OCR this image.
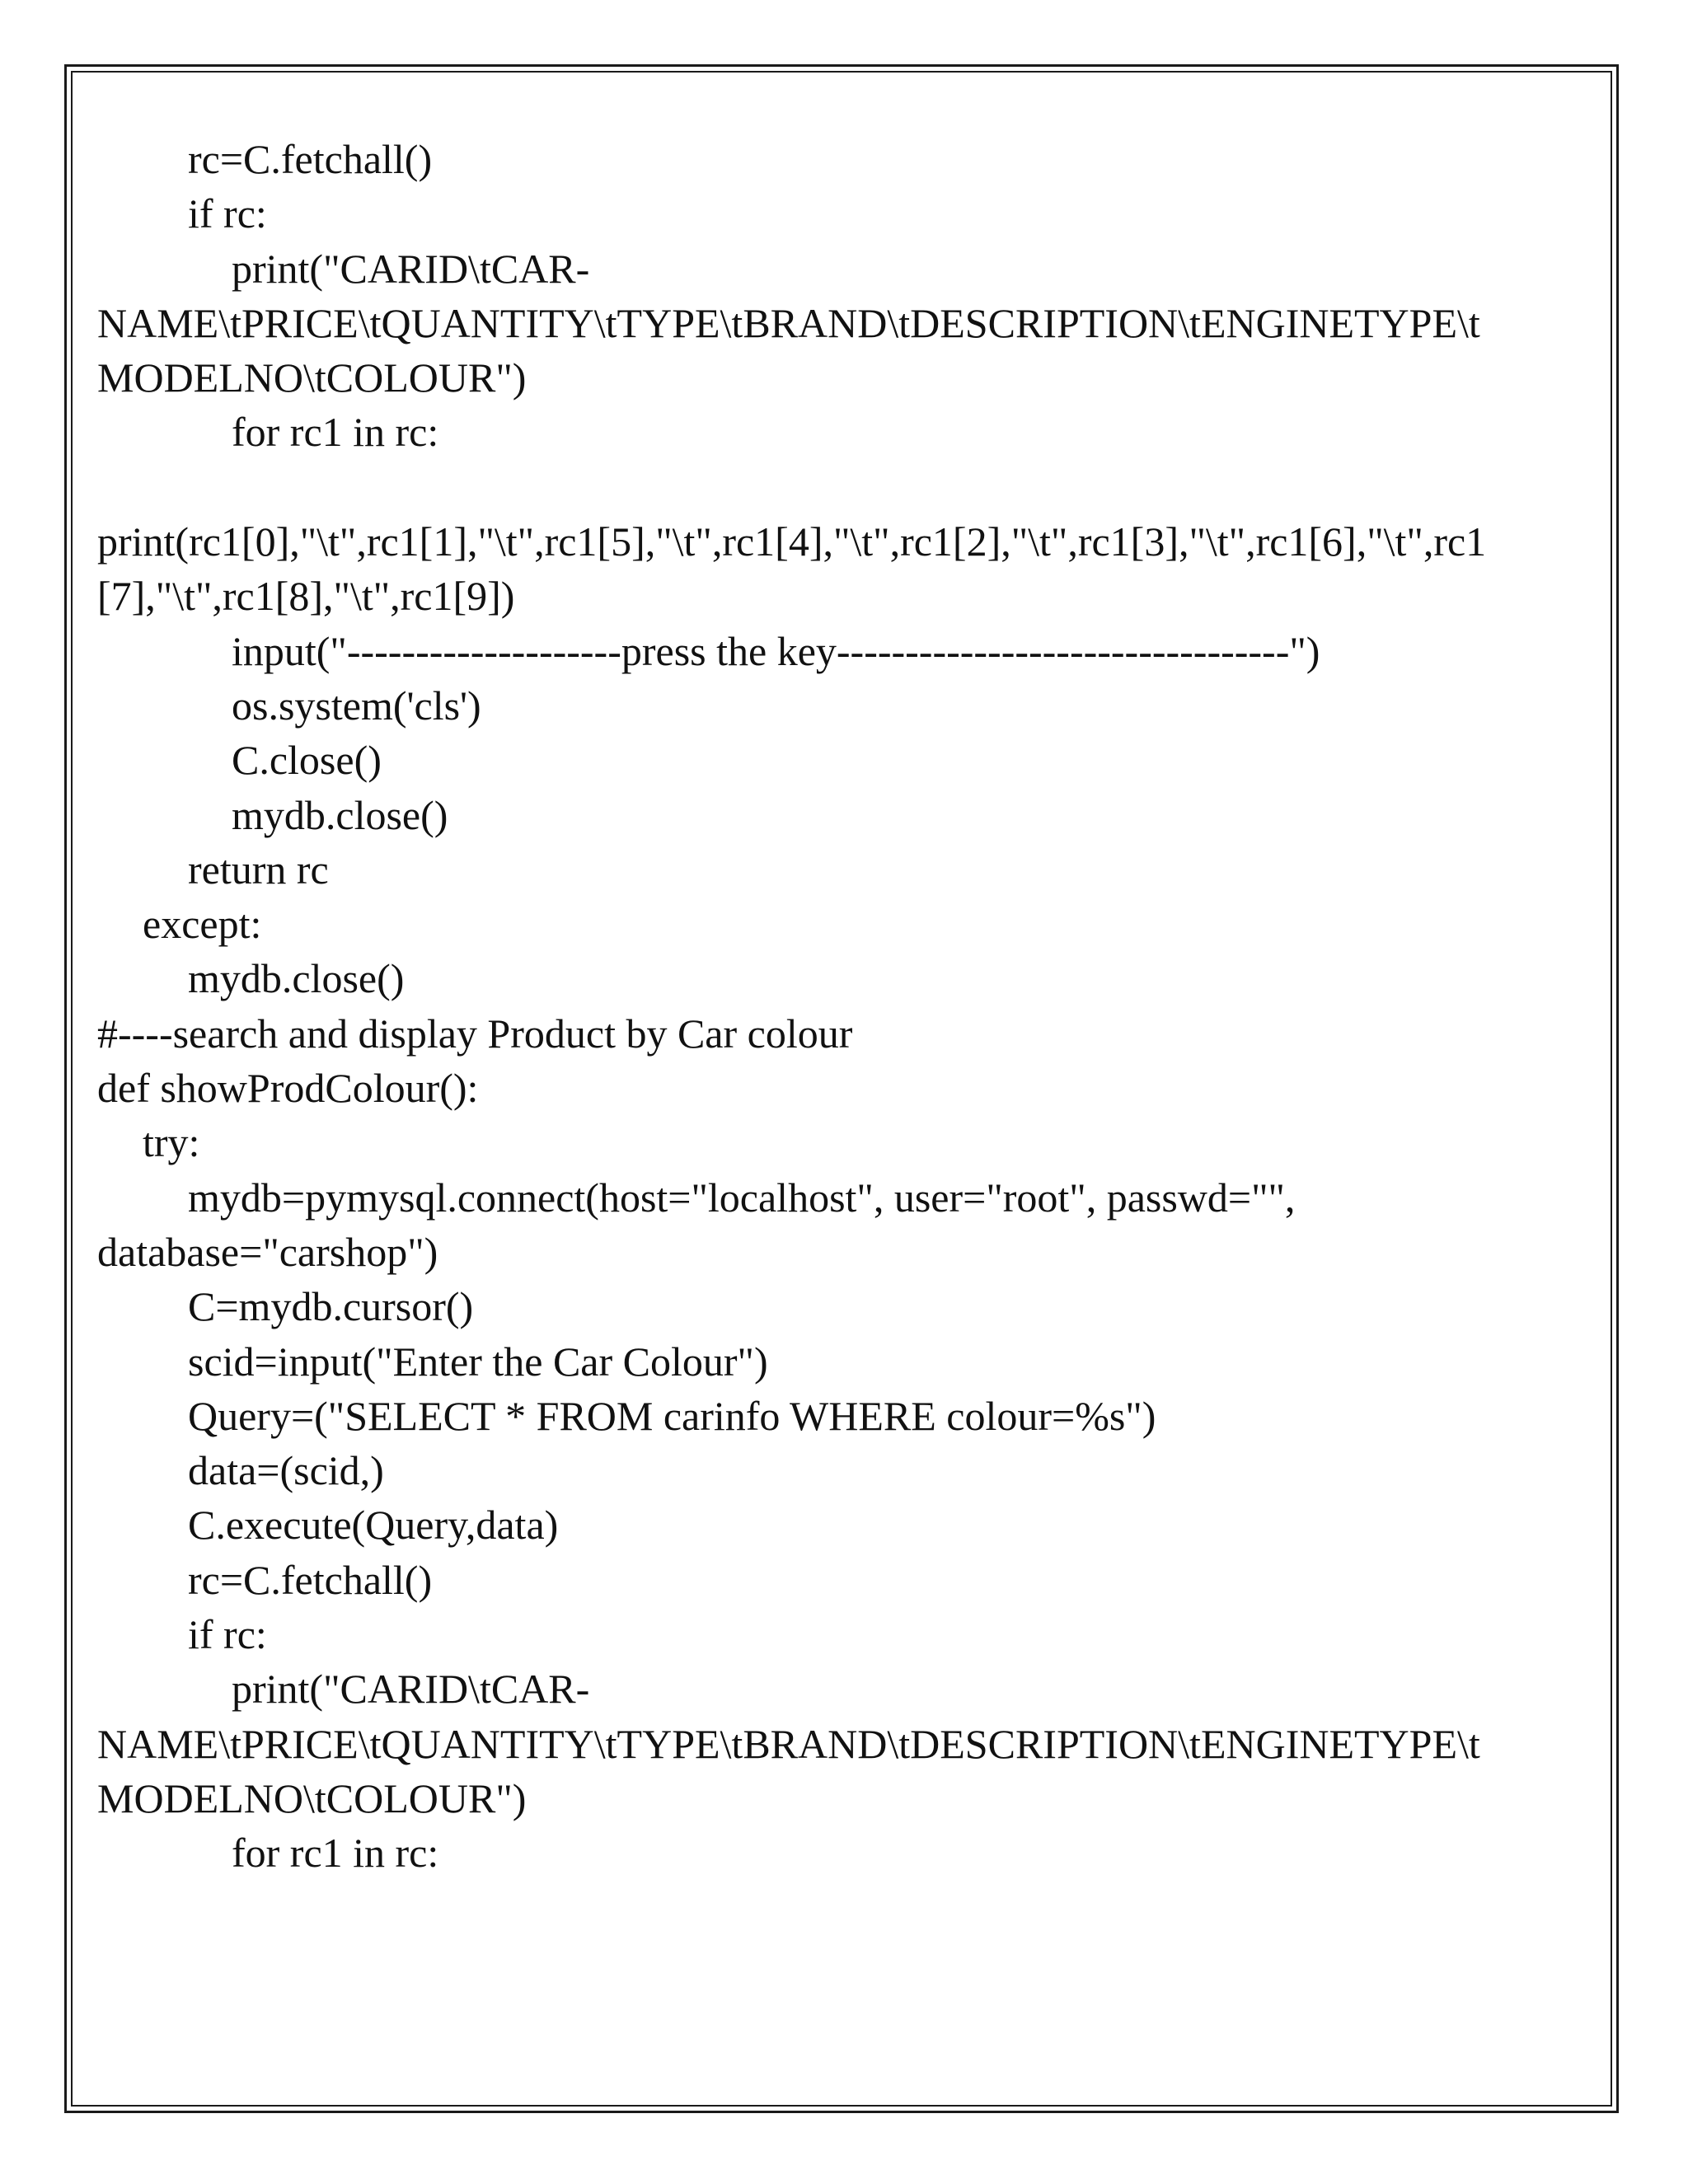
rc=C.fetchall()
if rc:
print("CARID\tCAR-
NAME\tPRICE\tQUANTITY\tTYPE\tBRAND\tDESCRIPTION\tENGINETYPE\t
MODELNO\tCOLOUR")
for rc1 in rc:
print(rc1[0],"\t",rc1[1],"\t",rc1[5],"\t",rc1[4],"\t",rc1[2],"\t",rc1[3],"\t",rc1[6],"\t",rc1
[7],"\t",rc1[8],"\t",rc1[9])
input("--------------------press the key---------------------------------")
os.system('cls')
C.close()
mydb.close()
return rc
except:
mydb.close()
#----search and display Product by Car colour
def showProdColour():
try:
mydb=pymysql.connect(host="localhost", user="root", passwd="",
database="carshop")
C=mydb.cursor()
scid=input("Enter the Car Colour")
Query=("SELECT * FROM carinfo WHERE colour=%s")
data=(scid,)
C.execute(Query,data)
rc=C.fetchall()
if rc:
print("CARID\tCAR-
NAME\tPRICE\tQUANTITY\tTYPE\tBRAND\tDESCRIPTION\tENGINETYPE\t
MODELNO\tCOLOUR")
for rc1 in rc:
